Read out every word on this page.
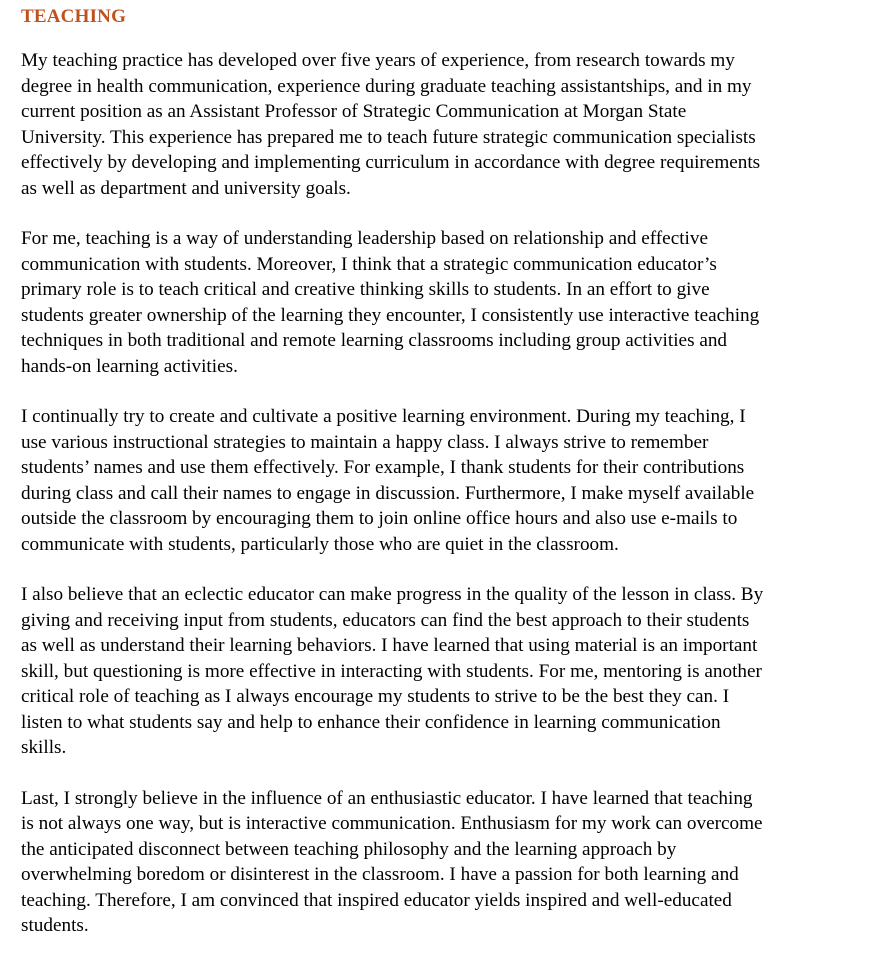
TEACHING
My teaching practice has developed over five years of experience, from research towards my
degree in health communication, experience during graduate teaching assistantships, and in my
current position as an Assistant Professor of Strategic Communication at Morgan State
University. This experience has prepared me to teach future strategic communication specialists
effectively by developing and implementing curriculum in accordance with degree requirements
as well as department and university goals.
For me, teaching is a way of understanding leadership based on relationship and effective
communication with students. Moreover, I think that a strategic communication educator’s
primary role is to teach critical and creative thinking skills to students. In an effort to give
students greater ownership of the learning they encounter, I consistently use interactive teaching
techniques in both traditional and remote learning classrooms including group activities and
hands-on learning activities.
I continually try to create and cultivate a positive learning environment. During my teaching, I
use various instructional strategies to maintain a happy class. I always strive to remember
students’ names and use them effectively. For example, I thank students for their contributions
during class and call their names to engage in discussion. Furthermore, I make myself available
outside the classroom by encouraging them to join online office hours and also use e-mails to
communicate with students, particularly those who are quiet in the classroom.
I also believe that an eclectic educator can make progress in the quality of the lesson in class. By
giving and receiving input from students, educators can find the best approach to their students
as well as understand their learning behaviors. I have learned that using material is an important
skill, but questioning is more effective in interacting with students. For me, mentoring is another
critical role of teaching as I always encourage my students to strive to be the best they can. I
listen to what students say and help to enhance their confidence in learning communication
skills.
Last, I strongly believe in the influence of an enthusiastic educator. I have learned that teaching
is not always one way, but is interactive communication. Enthusiasm for my work can overcome
the anticipated disconnect between teaching philosophy and the learning approach by
overwhelming boredom or disinterest in the classroom. I have a passion for both learning and
teaching. Therefore, I am convinced that inspired educator yields inspired and well-educated
students.
